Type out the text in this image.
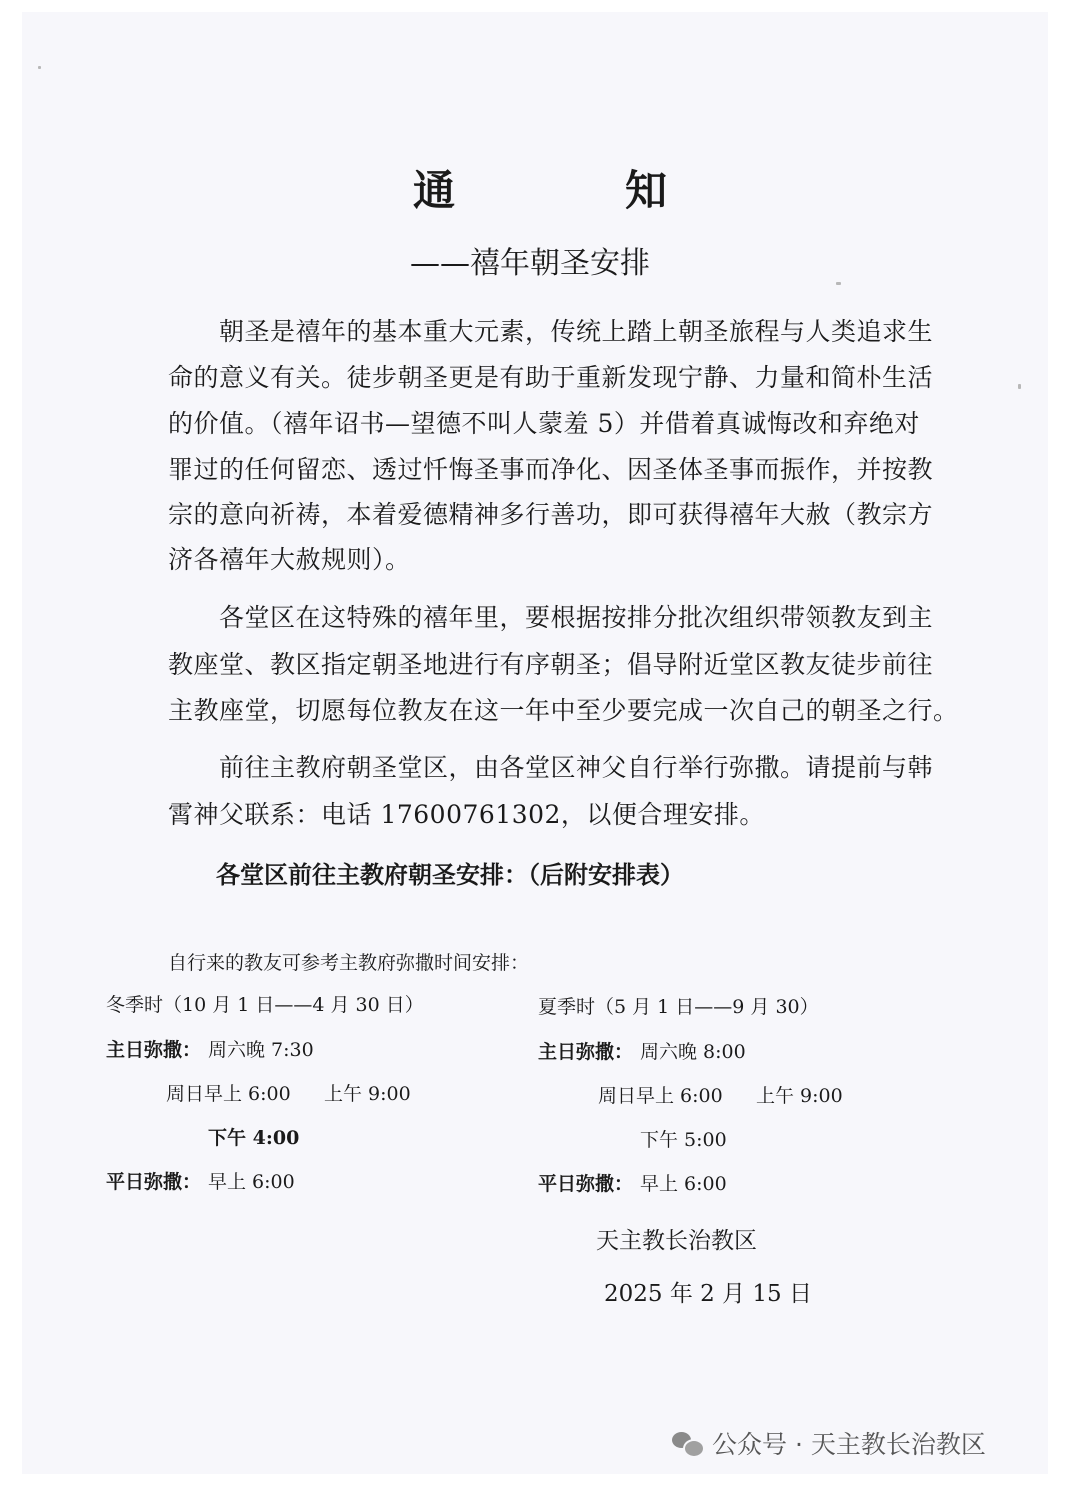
通　知
——禧年朝圣安排
　　朝圣是禧年的基本重大元素，传统上踏上朝圣旅程与人类追求生
命的意义有关。徒步朝圣更是有助于重新发现宁静、力量和简朴生活
的价值。（禧年诏书—望德不叫人蒙羞 5）并借着真诚悔改和弃绝对
罪过的任何留恋、透过忏悔圣事而净化、因圣体圣事而振作，并按教
宗的意向祈祷，本着爱德精神多行善功，即可获得禧年大赦（教宗方
济各禧年大赦规则）。
　　各堂区在这特殊的禧年里，要根据按排分批次组织带领教友到主
教座堂、教区指定朝圣地进行有序朝圣；倡导附近堂区教友徒步前往
主教座堂，切愿每位教友在这一年中至少要完成一次自己的朝圣之行。
　　前往主教府朝圣堂区，由各堂区神父自行举行弥撒。请提前与韩
霄神父联系：电话 17600761302，以便合理安排。
各堂区前往主教府朝圣安排：（后附安排表）
自行来的教友可参考主教府弥撒时间安排：
冬季时（10 月 1 日——4 月 30 日）
主日弥撒： 周六晚 7:30
周日早上 6:00 上午 9:00
下午 4:00
平日弥撒： 早上 6:00
夏季时（5 月 1 日——9 月 30）
主日弥撒： 周六晚 8:00
周日早上 6:00 上午 9:00
下午 5:00
平日弥撒： 早上 6:00
天主教长治教区
2025 年 2 月 15 日
公众号 · 天主教长治教区
